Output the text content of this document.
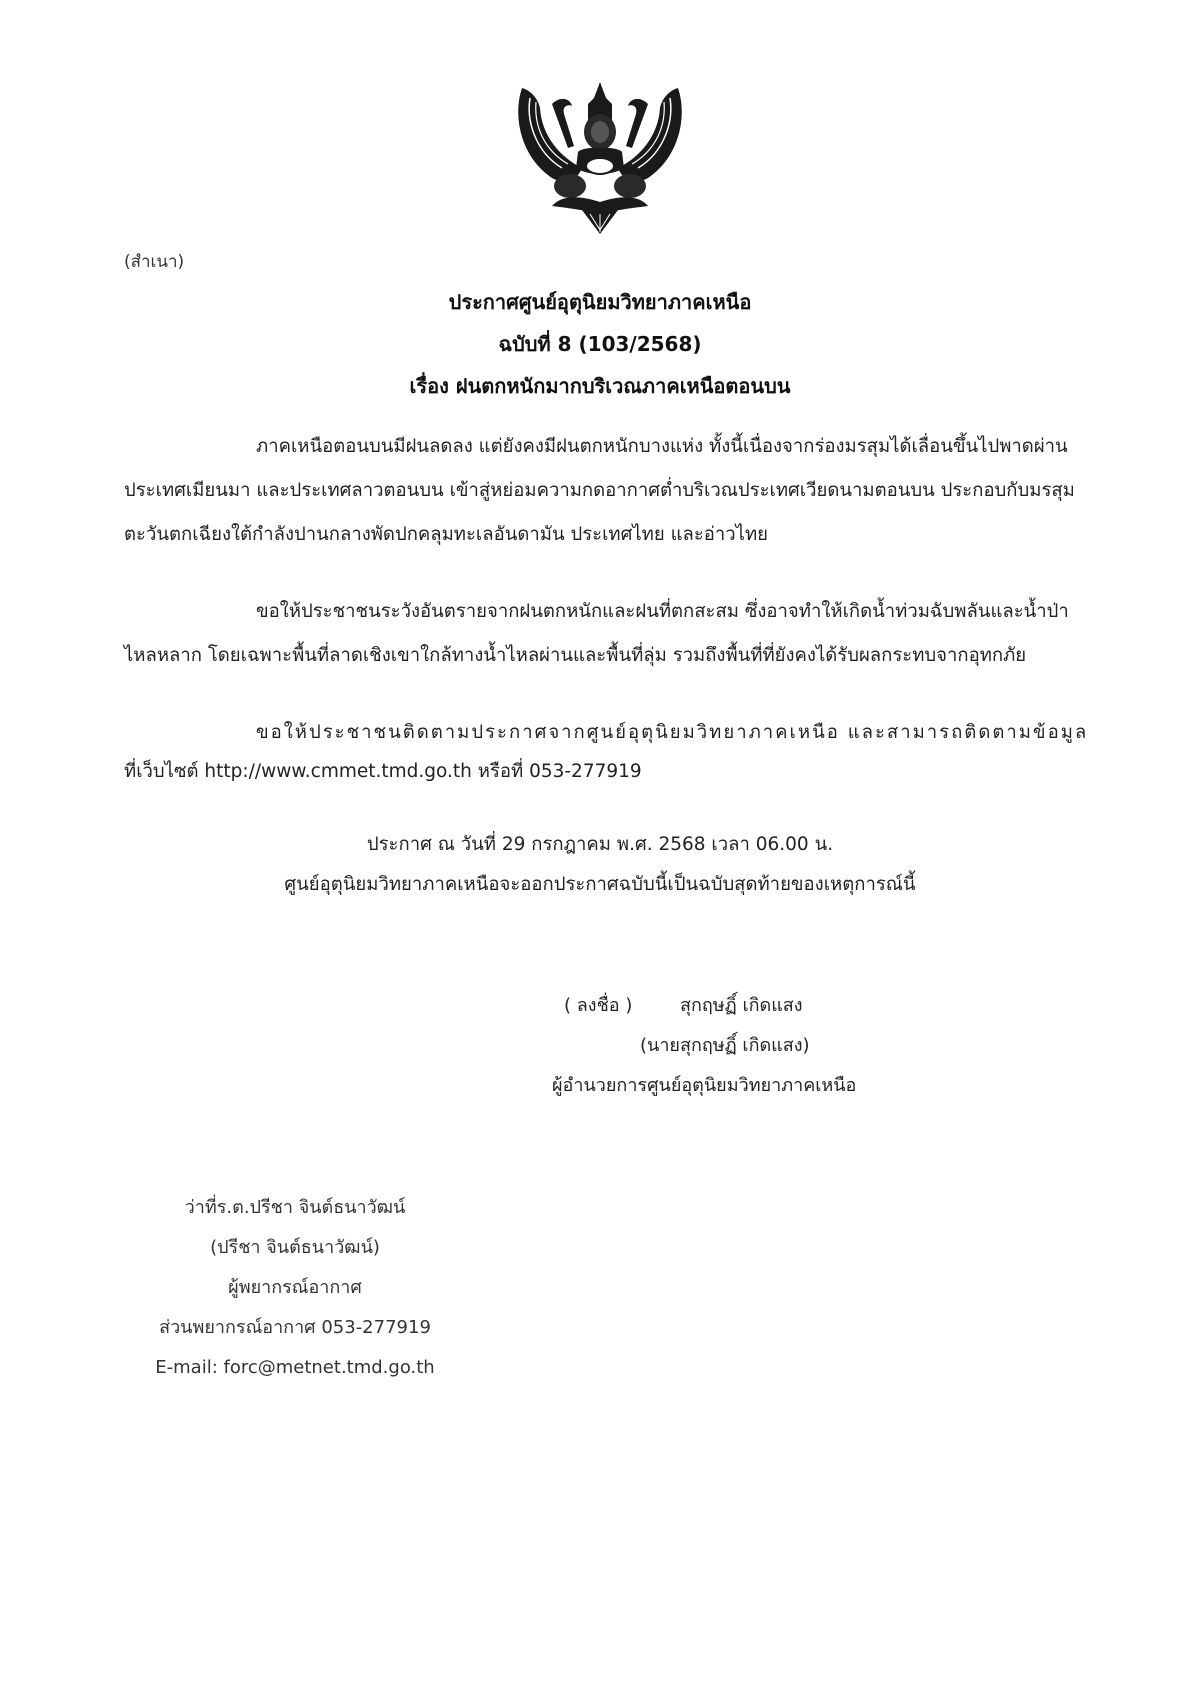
(สำเนา)
ประกาศศูนย์อุตุนิยมวิทยาภาคเหนือ
ฉบับที่ 8 (103/2568)
เรื่อง ฝนตกหนักมากบริเวณภาคเหนือตอนบน
ภาคเหนือตอนบนมีฝนลดลง แต่ยังคงมีฝนตกหนักบางแห่ง ทั้งนี้เนื่องจากร่องมรสุมได้เลื่อนขึ้นไปพาดผ่าน
ประเทศเมียนมา และประเทศลาวตอนบน เข้าสู่หย่อมความกดอากาศต่ำบริเวณประเทศเวียดนามตอนบน ประกอบกับมรสุม
ตะวันตกเฉียงใต้กำลังปานกลางพัดปกคลุมทะเลอันดามัน ประเทศไทย และอ่าวไทย
ขอให้ประชาชนระวังอันตรายจากฝนตกหนักและฝนที่ตกสะสม ซึ่งอาจทำให้เกิดน้ำท่วมฉับพลันและน้ำป่า
ไหลหลาก โดยเฉพาะพื้นที่ลาดเชิงเขาใกล้ทางน้ำไหลผ่านและพื้นที่ลุ่ม รวมถึงพื้นที่ที่ยังคงได้รับผลกระทบจากอุทกภัย
ขอให้ประชาชนติดตามประกาศจากศูนย์อุตุนิยมวิทยาภาคเหนือ และสามารถติดตามข้อมูล
ที่เว็บไซต์ http://www.cmmet.tmd.go.th หรือที่ 053-277919
ประกาศ ณ วันที่ 29 กรกฎาคม พ.ศ. 2568 เวลา 06.00 น.
ศูนย์อุตุนิยมวิทยาภาคเหนือจะออกประกาศฉบับนี้เป็นฉบับสุดท้ายของเหตุการณ์นี้
( ลงชื่อ )	สุกฤษฏิ์ เกิดแสง
(นายสุกฤษฏิ์ เกิดแสง)
ผู้อำนวยการศูนย์อุตุนิยมวิทยาภาคเหนือ
ว่าที่ร.ต.ปรีชา จินต์ธนาวัฒน์
(ปรีชา จินต์ธนาวัฒน์)
ผู้พยากรณ์อากาศ
ส่วนพยากรณ์อากาศ 053-277919
E-mail: forc@metnet.tmd.go.th
